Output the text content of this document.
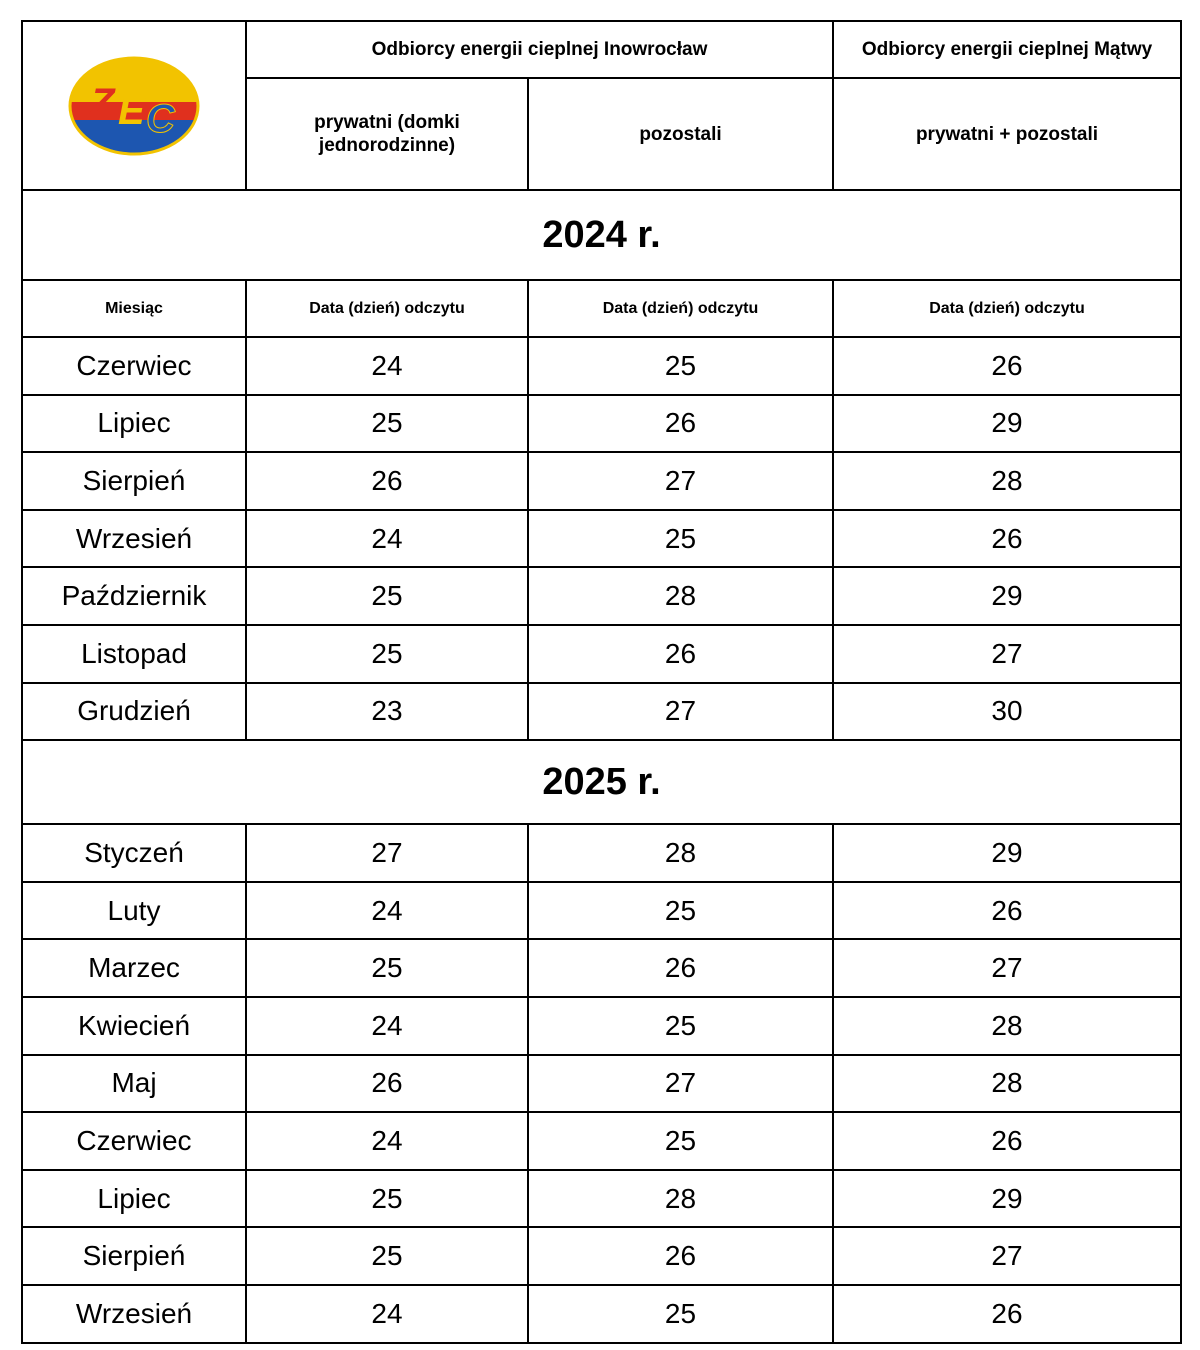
Z E C	Odbiorcy energii cieplnej Inowrocław		Odbiorcy energii cieplnej Mątwy
	prywatni (domki jednorodzinne)	pozostali	prywatni + pozostali
2024 r.			
Miesiąc	Data (dzień) odczytu	Data (dzień) odczytu	Data (dzień) odczytu
Czerwiec	24	25	26
Lipiec	25	26	29
Sierpień	26	27	28
Wrzesień	24	25	26
Październik	25	28	29
Listopad	25	26	27
Grudzień	23	27	30
2025 r.			
Styczeń	27	28	29
Luty	24	25	26
Marzec	25	26	27
Kwiecień	24	25	28
Maj	26	27	28
Czerwiec	24	25	26
Lipiec	25	28	29
Sierpień	25	26	27
Wrzesień	24	25	26
